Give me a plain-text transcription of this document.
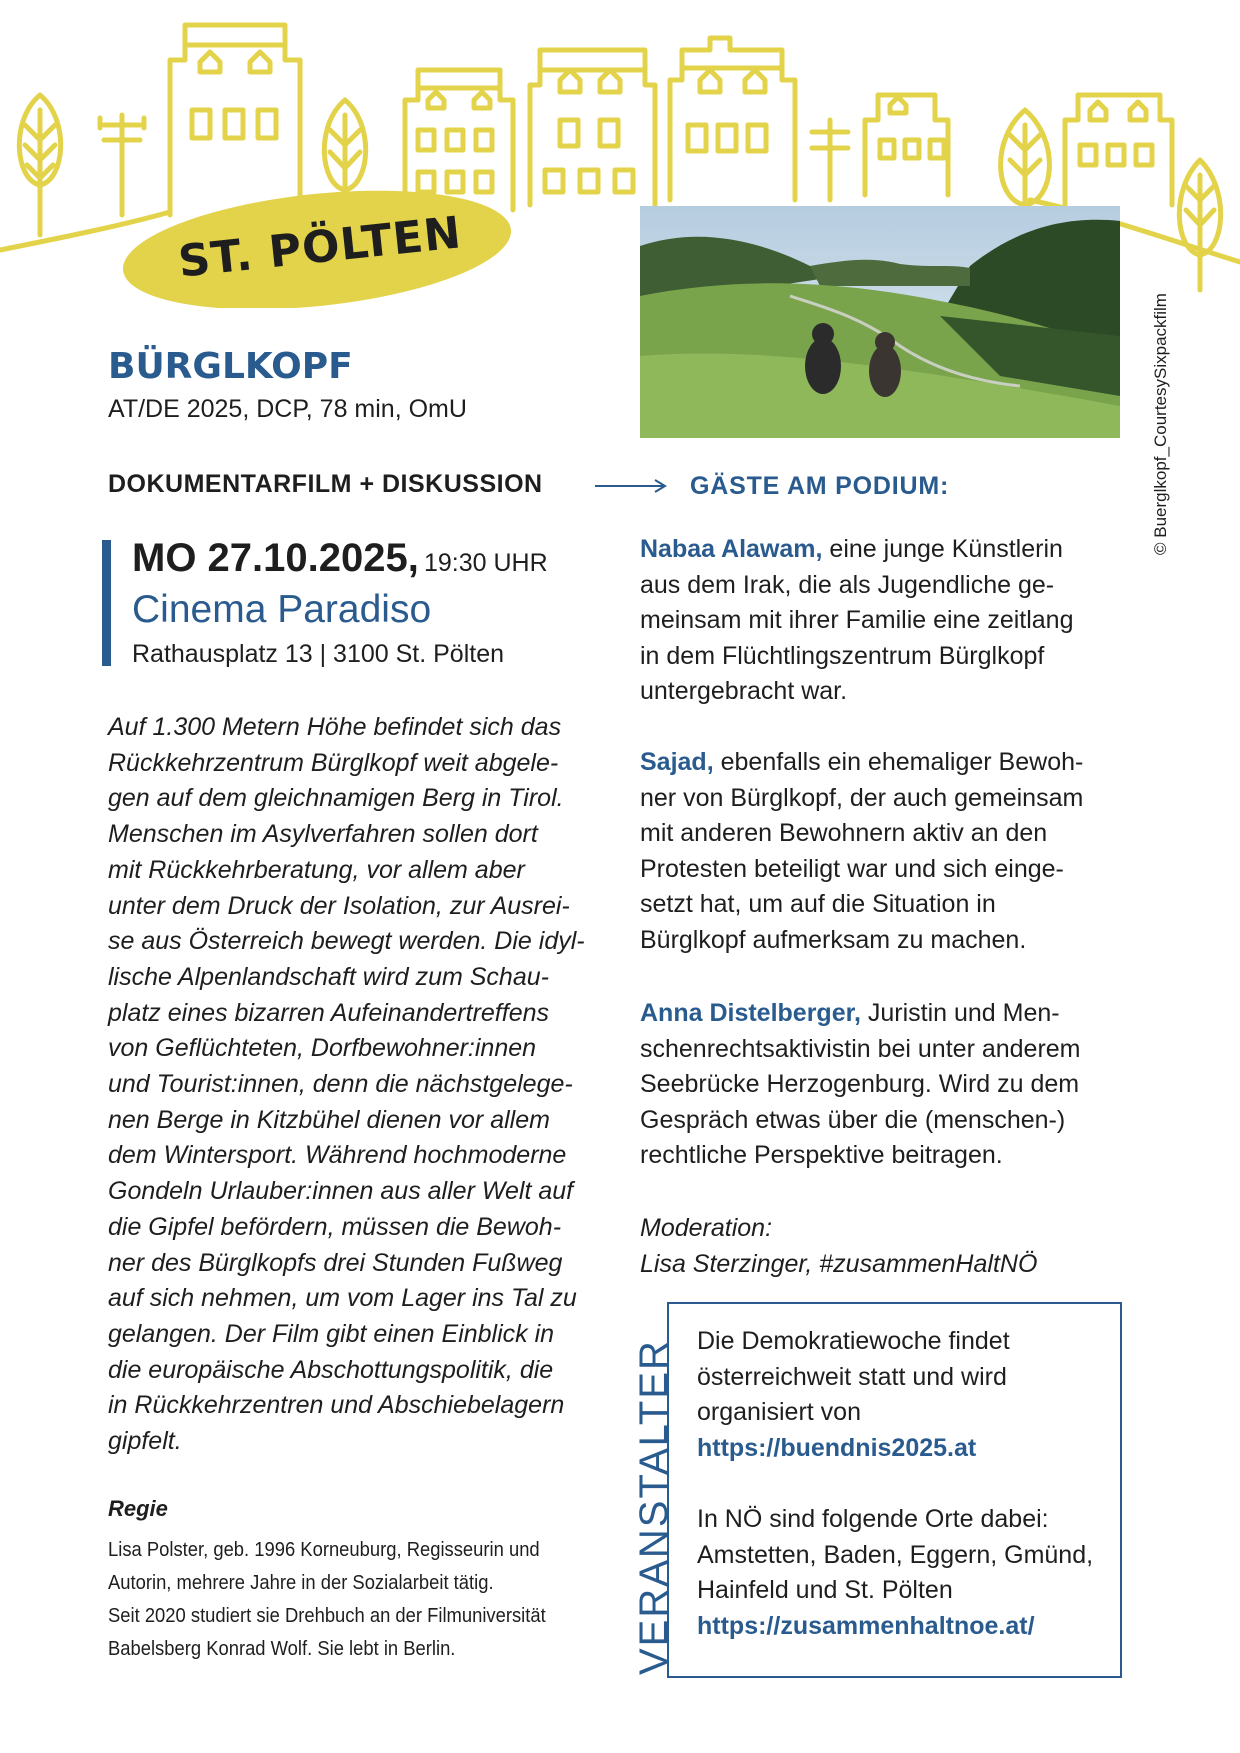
ST. PÖLTEN
© Buerglkopf_CourtesySixpackfilm
BÜRGLKOPF
AT/DE 2025, DCP, 78 min, OmU
DOKUMENTARFILM + DISKUSSION	GÄSTE AM PODIUM:
MO 27.10.2025, 19:30 UHR
Cinema Paradiso
Rathausplatz 13 | 3100 St. Pölten
Auf 1.300 Metern Höhe befindet sich das
Rückkehrzentrum Bürglkopf weit abgele-
gen auf dem gleichnamigen Berg in Tirol.
Menschen im Asylverfahren sollen dort
mit Rückkehrberatung, vor allem aber
unter dem Druck der Isolation, zur Ausrei-
se aus Österreich bewegt werden. Die idyl-
lische Alpenlandschaft wird zum Schau-
platz eines bizarren Aufeinandertreffens
von Geflüchteten, Dorfbewohner:innen
und Tourist:innen, denn die nächstgelege-
nen Berge in Kitzbühel dienen vor allem
dem Wintersport. Während hochmoderne
Gondeln Urlauber:innen aus aller Welt auf
die Gipfel befördern, müssen die Bewoh-
ner des Bürglkopfs drei Stunden Fußweg
auf sich nehmen, um vom Lager ins Tal zu
gelangen. Der Film gibt einen Einblick in
die europäische Abschottungspolitik, die
in Rückkehrzentren und Abschiebelagern
gipfelt.
Regie
Lisa Polster, geb. 1996 Korneuburg, Regisseurin und
Autorin, mehrere Jahre in der Sozialarbeit tätig.
Seit 2020 studiert sie Drehbuch an der Filmuniversität
Babelsberg Konrad Wolf. Sie lebt in Berlin.
Nabaa Alawam, eine junge Künstlerin
aus dem Irak, die als Jugendliche ge-
meinsam mit ihrer Familie eine zeitlang
in dem Flüchtlingszentrum Bürglkopf
untergebracht war.
Sajad, ebenfalls ein ehemaliger Bewoh-
ner von Bürglkopf, der auch gemeinsam
mit anderen Bewohnern aktiv an den
Protesten beteiligt war und sich einge-
setzt hat, um auf die Situation in
Bürglkopf aufmerksam zu machen.
Anna Distelberger, Juristin und Men-
schenrechtsaktivistin bei unter anderem
Seebrücke Herzogenburg. Wird zu dem
Gespräch etwas über die (menschen-)
rechtliche Perspektive beitragen.
Moderation:
Lisa Sterzinger, #zusammenHaltNÖ
VERANSTALTER Die Demokratiewoche findet
österreichweit statt und wird
organisiert von
https://buendnis2025.at
In NÖ sind folgende Orte dabei:
Amstetten, Baden, Eggern, Gmünd,
Hainfeld und St. Pölten
https://zusammenhaltnoe.at/
